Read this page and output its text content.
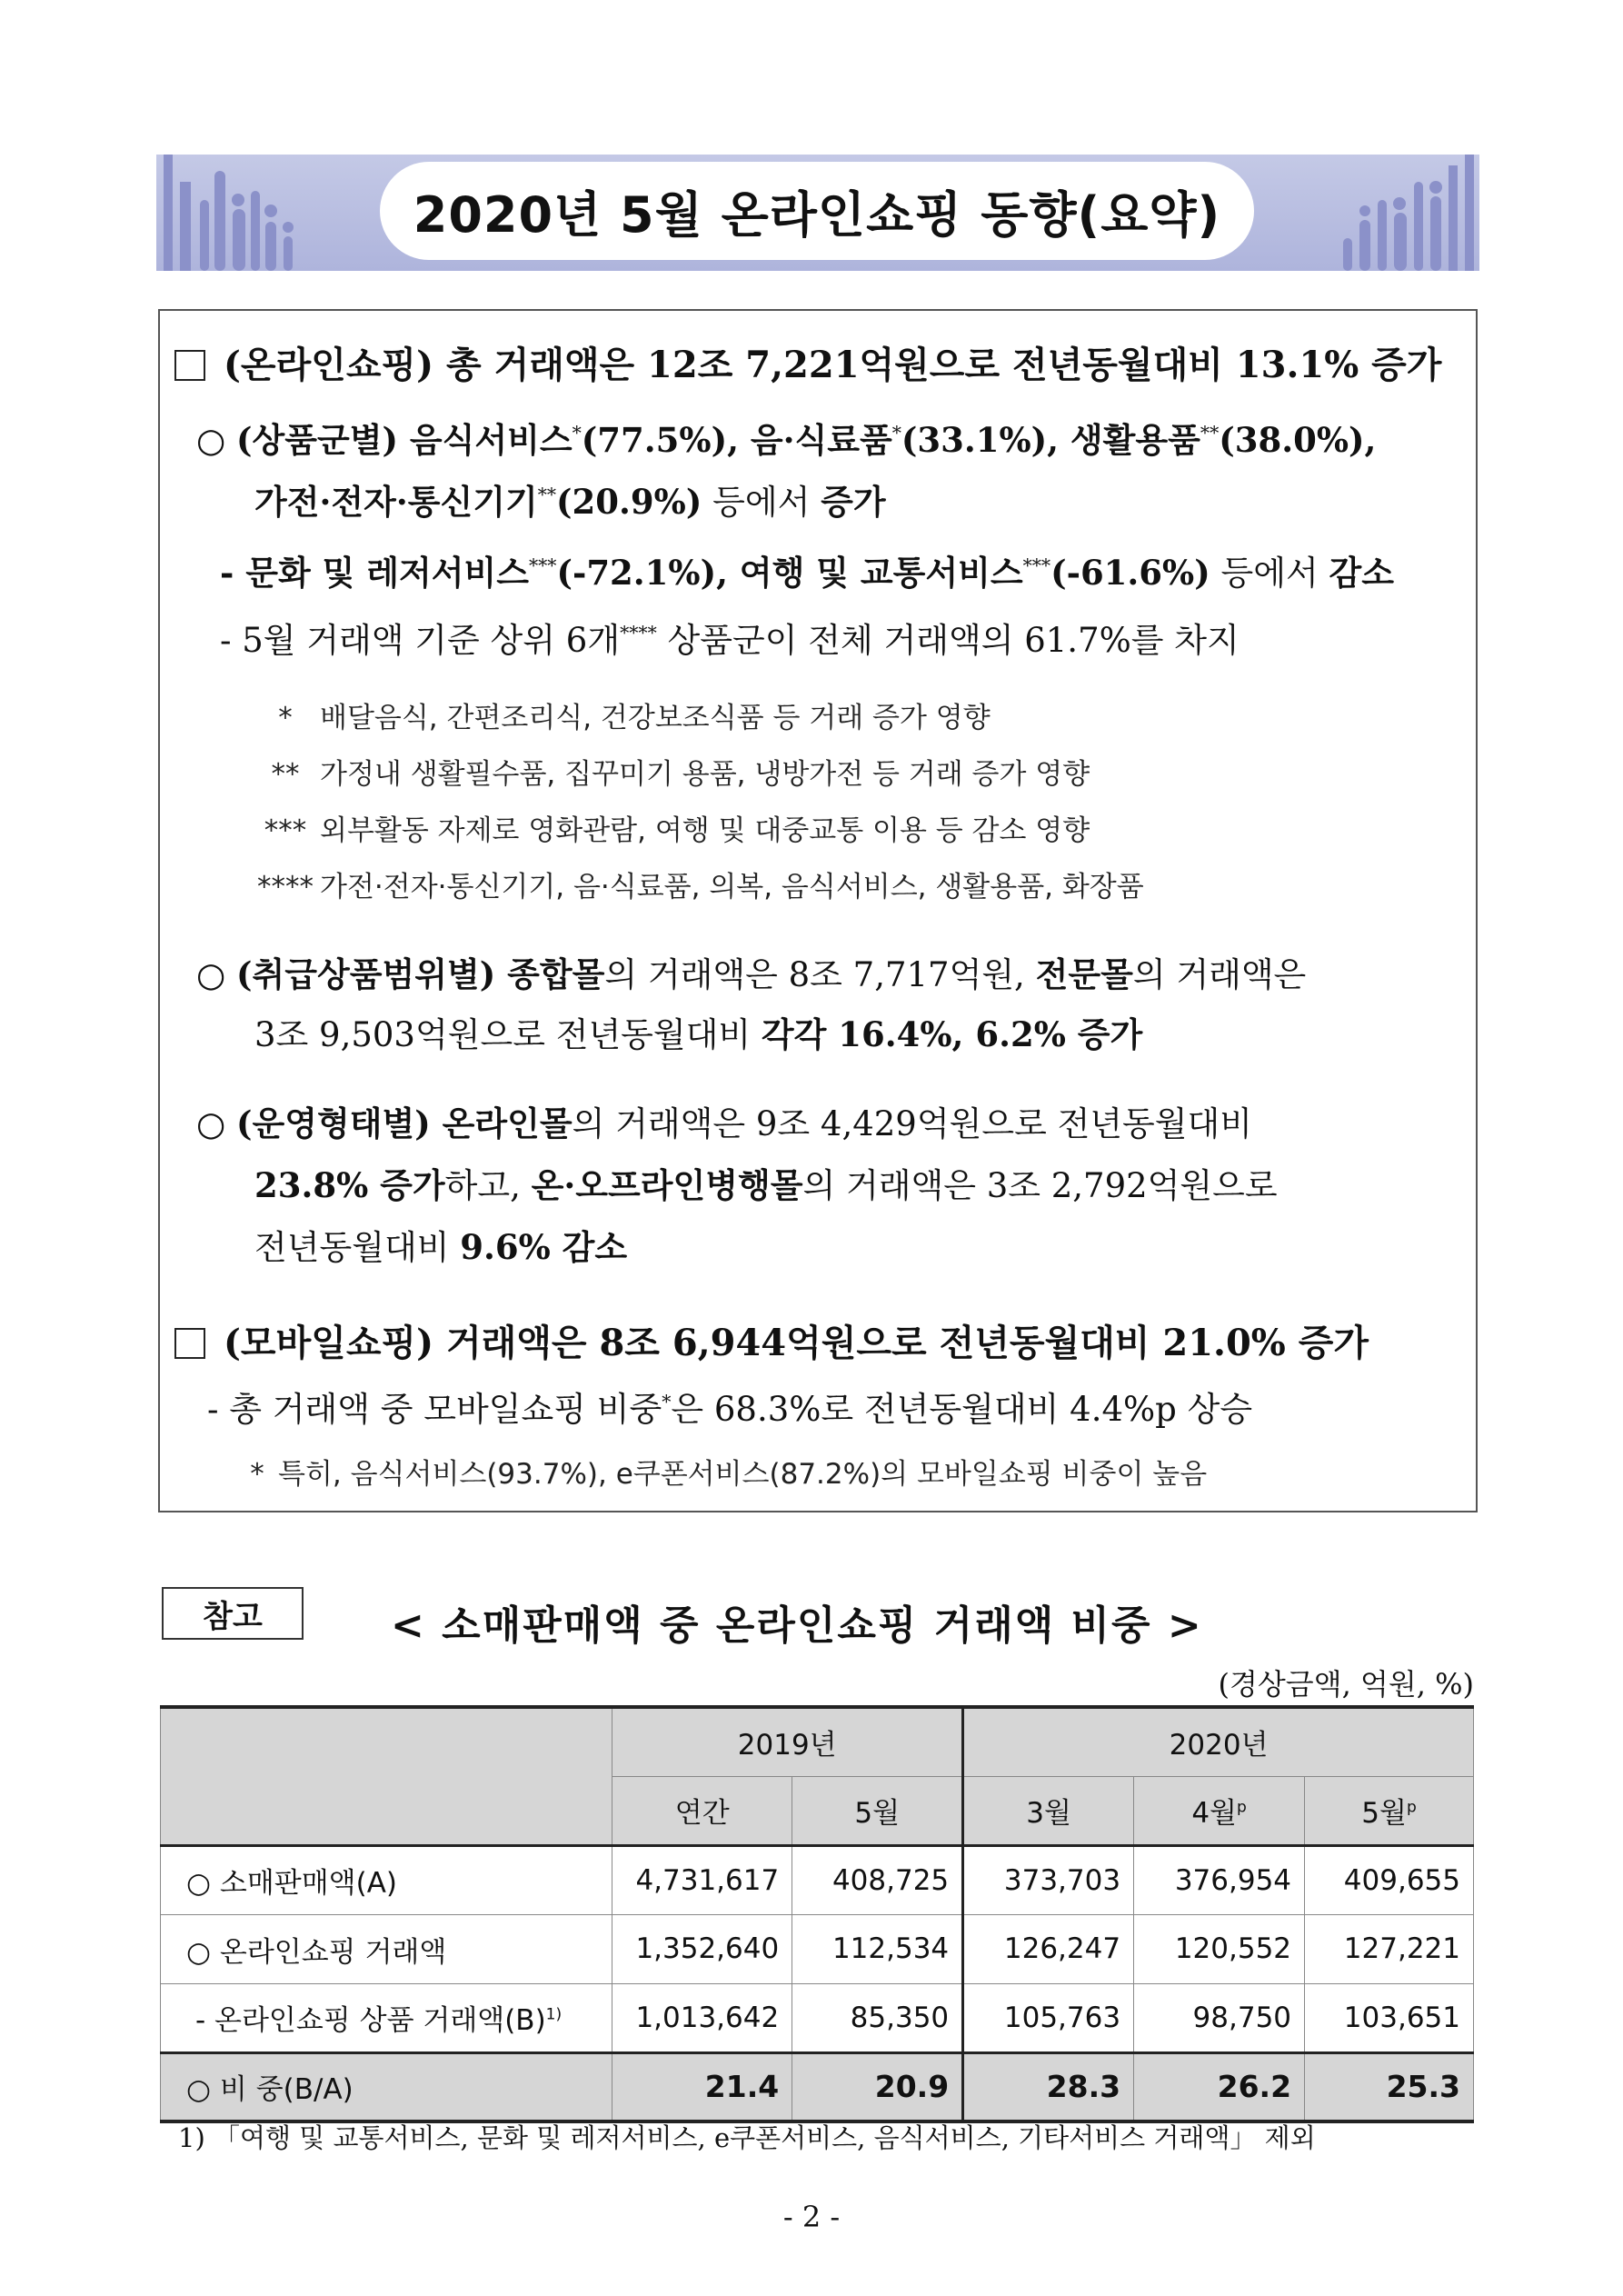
2020년 5월 온라인쇼핑 동향(요약)
(온라인쇼핑) 총 거래액은 12조 7,221억원으로 전년동월대비 13.1% 증가
○ (상품군별) 음식서비스*(77.5%), 음·식료품*(33.1%), 생활용품**(38.0%),
가전·전자·통신기기**(20.9%) 등에서 증가
- 문화 및 레저서비스***(-72.1%), 여행 및 교통서비스***(-61.6%) 등에서 감소
- 5월 거래액 기준 상위 6개**** 상품군이 전체 거래액의 61.7%를 차지
* 배달음식, 간편조리식, 건강보조식품 등 거래 증가 영향
** 가정내 생활필수품, 집꾸미기 용품, 냉방가전 등 거래 증가 영향
*** 외부활동 자제로 영화관람, 여행 및 대중교통 이용 등 감소 영향
**** 가전·전자·통신기기, 음·식료품, 의복, 음식서비스, 생활용품, 화장품
○ (취급상품범위별) 종합몰의 거래액은 8조 7,717억원, 전문몰의 거래액은
3조 9,503억원으로 전년동월대비 각각 16.4%, 6.2% 증가
○ (운영형태별) 온라인몰의 거래액은 9조 4,429억원으로 전년동월대비
23.8% 증가하고, 온·오프라인병행몰의 거래액은 3조 2,792억원으로
전년동월대비 9.6% 감소
(모바일쇼핑) 거래액은 8조 6,944억원으로 전년동월대비 21.0% 증가
- 총 거래액 중 모바일쇼핑 비중*은 68.3%로 전년동월대비 4.4%p 상승
* 특히, 음식서비스(93.7%), e쿠폰서비스(87.2%)의 모바일쇼핑 비중이 높음
참고	< 소매판매액 중 온라인쇼핑 거래액 비중 >
(경상금액, 억원, %)
	2019년		2020년		
	연간	5월	3월	4월$^p$	5월$^p$
○ 소매판매액(A)	4,731,617	408,725	373,703	376,954	409,655
○ 온라인쇼핑 거래액	1,352,640	112,534	126,247	120,552	127,221
- 온라인쇼핑 상품 거래액$(B)^{1)}$	1,013,642	85,350	105,763	98,750	103,651
○ 비 중(B/A)	21.4	20.9	28.3	26.2	25.3
1) 「여행 및 교통서비스, 문화 및 레저서비스, e쿠폰서비스, 음식서비스, 기타서비스 거래액」 제외
- 2 -
